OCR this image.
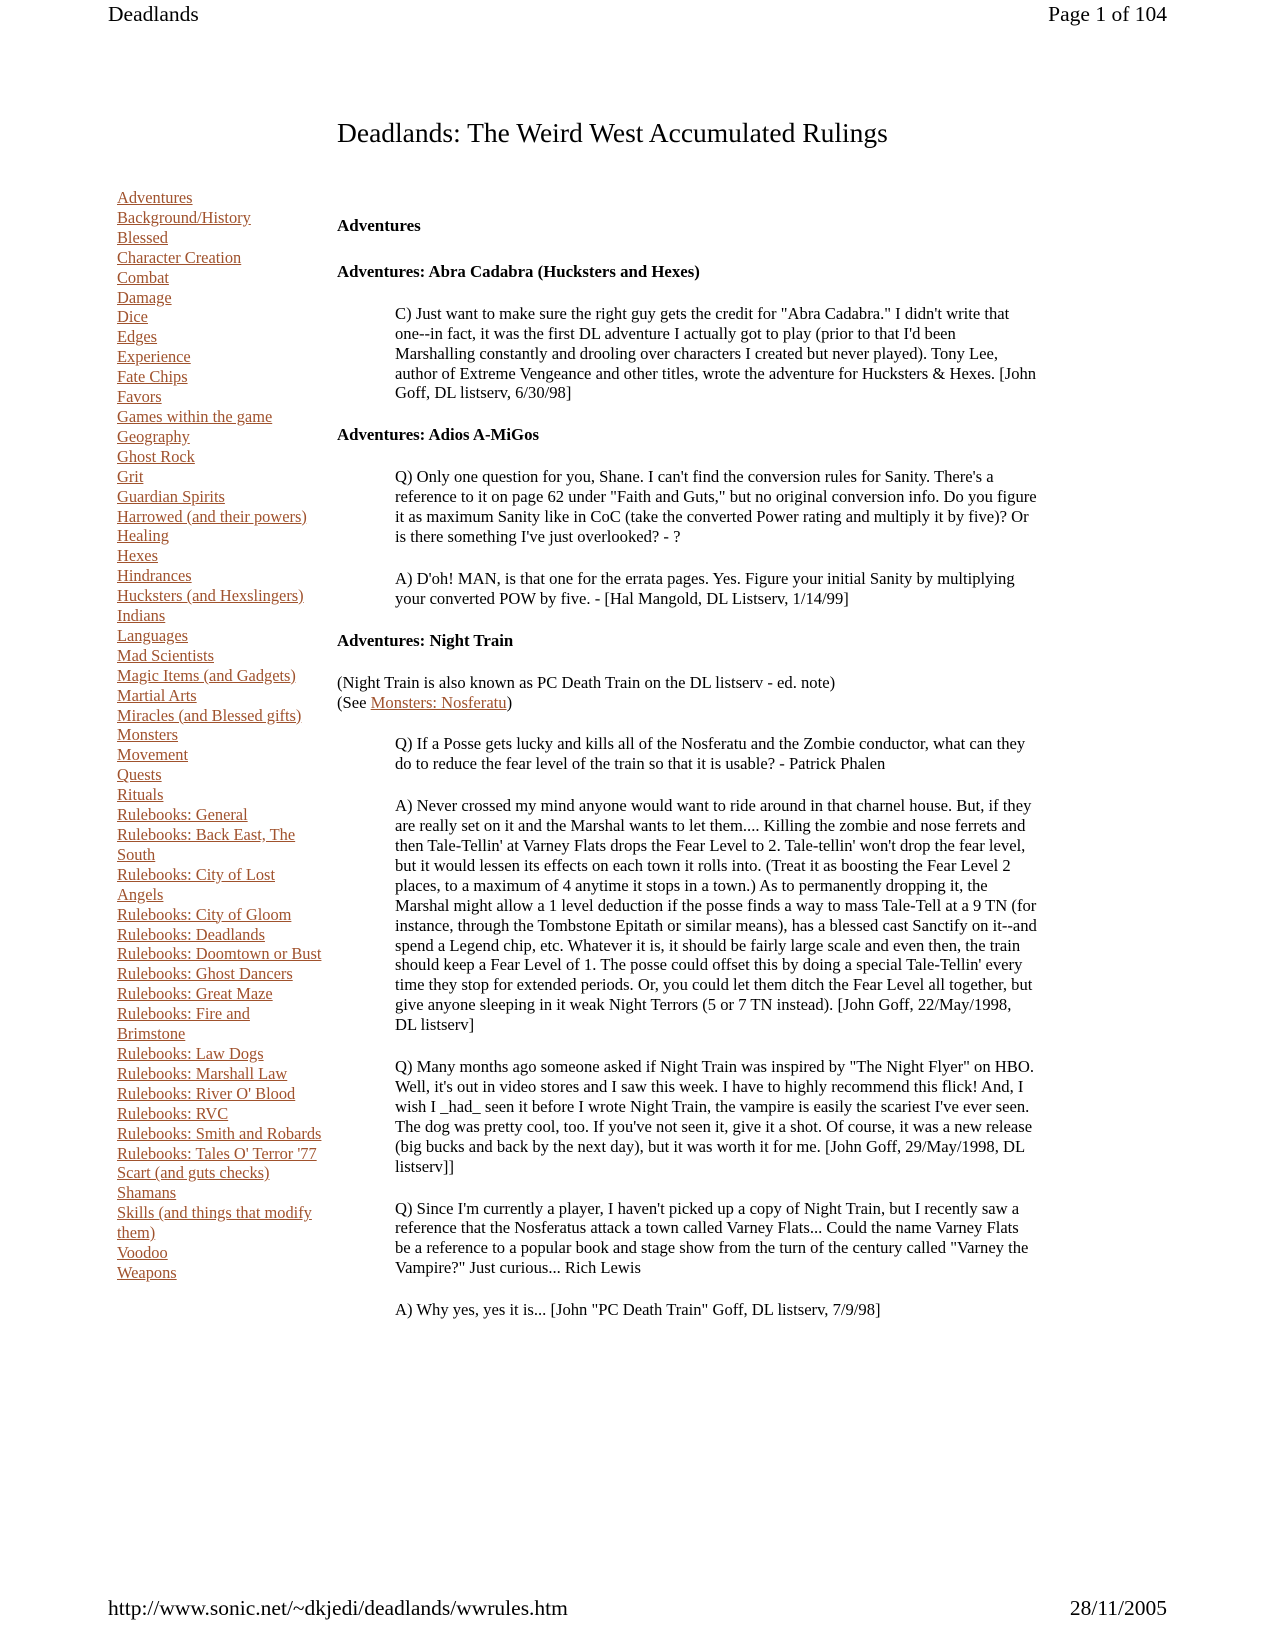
Deadlands	Page 1 of 104
Deadlands: The Weird West Accumulated Rulings
Adventures
Background/History
Blessed
Character Creation
Combat
Damage
Dice
Edges
Experience
Fate Chips
Favors
Games within the game
Geography
Ghost Rock
Grit
Guardian Spirits
Harrowed (and their powers)
Healing
Hexes
Hindrances
Hucksters (and Hexslingers)
Indians
Languages
Mad Scientists
Magic Items (and Gadgets)
Martial Arts
Miracles (and Blessed gifts)
Monsters
Movement
Quests
Rituals
Rulebooks: General
Rulebooks: Back East, The South
Rulebooks: City of Lost Angels
Rulebooks: City of Gloom
Rulebooks: Deadlands
Rulebooks: Doomtown or Bust
Rulebooks: Ghost Dancers
Rulebooks: Great Maze
Rulebooks: Fire and Brimstone
Rulebooks: Law Dogs
Rulebooks: Marshall Law
Rulebooks: River O' Blood
Rulebooks: RVC
Rulebooks: Smith and Robards
Rulebooks: Tales O' Terror '77
Scart (and guts checks)
Shamans
Skills (and things that modify them)
Voodoo
Weapons
Adventures
Adventures: Abra Cadabra (Hucksters and Hexes)
C) Just want to make sure the right guy gets the credit for "Abra Cadabra." I didn't write that one--in fact, it was the first DL adventure I actually got to play (prior to that I'd been Marshalling constantly and drooling over characters I created but never played). Tony Lee, author of Extreme Vengeance and other titles, wrote the adventure for Hucksters & Hexes. [John Goff, DL listserv, 6/30/98]
Adventures: Adios A-MiGos
Q) Only one question for you, Shane. I can't find the conversion rules for Sanity. There's a reference to it on page 62 under "Faith and Guts," but no original conversion info. Do you figure it as maximum Sanity like in CoC (take the converted Power rating and multiply it by five)? Or is there something I've just overlooked? - ?
A) D'oh! MAN, is that one for the errata pages. Yes. Figure your initial Sanity by multiplying your converted POW by five. - [Hal Mangold, DL Listserv, 1/14/99]
Adventures: Night Train
(Night Train is also known as PC Death Train on the DL listserv - ed. note)
(See Monsters: Nosferatu)
Q) If a Posse gets lucky and kills all of the Nosferatu and the Zombie conductor, what can they do to reduce the fear level of the train so that it is usable? - Patrick Phalen
A) Never crossed my mind anyone would want to ride around in that charnel house. But, if they are really set on it and the Marshal wants to let them.... Killing the zombie and nose ferrets and then Tale-Tellin' at Varney Flats drops the Fear Level to 2. Tale-tellin' won't drop the fear level, but it would lessen its effects on each town it rolls into. (Treat it as boosting the Fear Level 2 places, to a maximum of 4 anytime it stops in a town.) As to permanently dropping it, the Marshal might allow a 1 level deduction if the posse finds a way to mass Tale-Tell at a 9 TN (for instance, through the Tombstone Epitath or similar means), has a blessed cast Sanctify on it--and spend a Legend chip, etc. Whatever it is, it should be fairly large scale and even then, the train should keep a Fear Level of 1. The posse could offset this by doing a special Tale-Tellin' every time they stop for extended periods. Or, you could let them ditch the Fear Level all together, but give anyone sleeping in it weak Night Terrors (5 or 7 TN instead). [John Goff, 22/May/1998, DL listserv]
Q) Many months ago someone asked if Night Train was inspired by "The Night Flyer" on HBO. Well, it's out in video stores and I saw this week. I have to highly recommend this flick! And, I wish I _had_ seen it before I wrote Night Train, the vampire is easily the scariest I've ever seen. The dog was pretty cool, too. If you've not seen it, give it a shot. Of course, it was a new release (big bucks and back by the next day), but it was worth it for me. [John Goff, 29/May/1998, DL listserv]]
Q) Since I'm currently a player, I haven't picked up a copy of Night Train, but I recently saw a reference that the Nosferatus attack a town called Varney Flats... Could the name Varney Flats be a reference to a popular book and stage show from the turn of the century called "Varney the Vampire?" Just curious... Rich Lewis
A) Why yes, yes it is... [John "PC Death Train" Goff, DL listserv, 7/9/98]
http://www.sonic.net/~dkjedi/deadlands/wwrules.htm	28/11/2005
